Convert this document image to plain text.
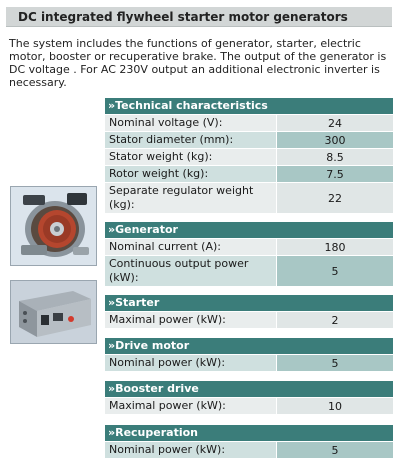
DC integrated flywheel starter motor generators
The system includes the functions of generator, starter, electric motor, booster or recuperative brake. The output of the generator is DC voltage . For AC 230V output an additional electronic inverter is necessary.
»Technical characteristics
Nominal voltage (V):	24
Stator diameter (mm):	300
Stator weight (kg):	8.5
Rotor weight (kg):	7.5
Separate regulator weight (kg):	22
»Generator
Nominal current (A):	180
Continuous output power (kW):	5
»Starter
Maximal power (kW):	2
»Drive motor
Nominal power (kW):	5
»Booster drive
Maximal power (kW):	10
»Recuperation
Nominal power (kW):	5
